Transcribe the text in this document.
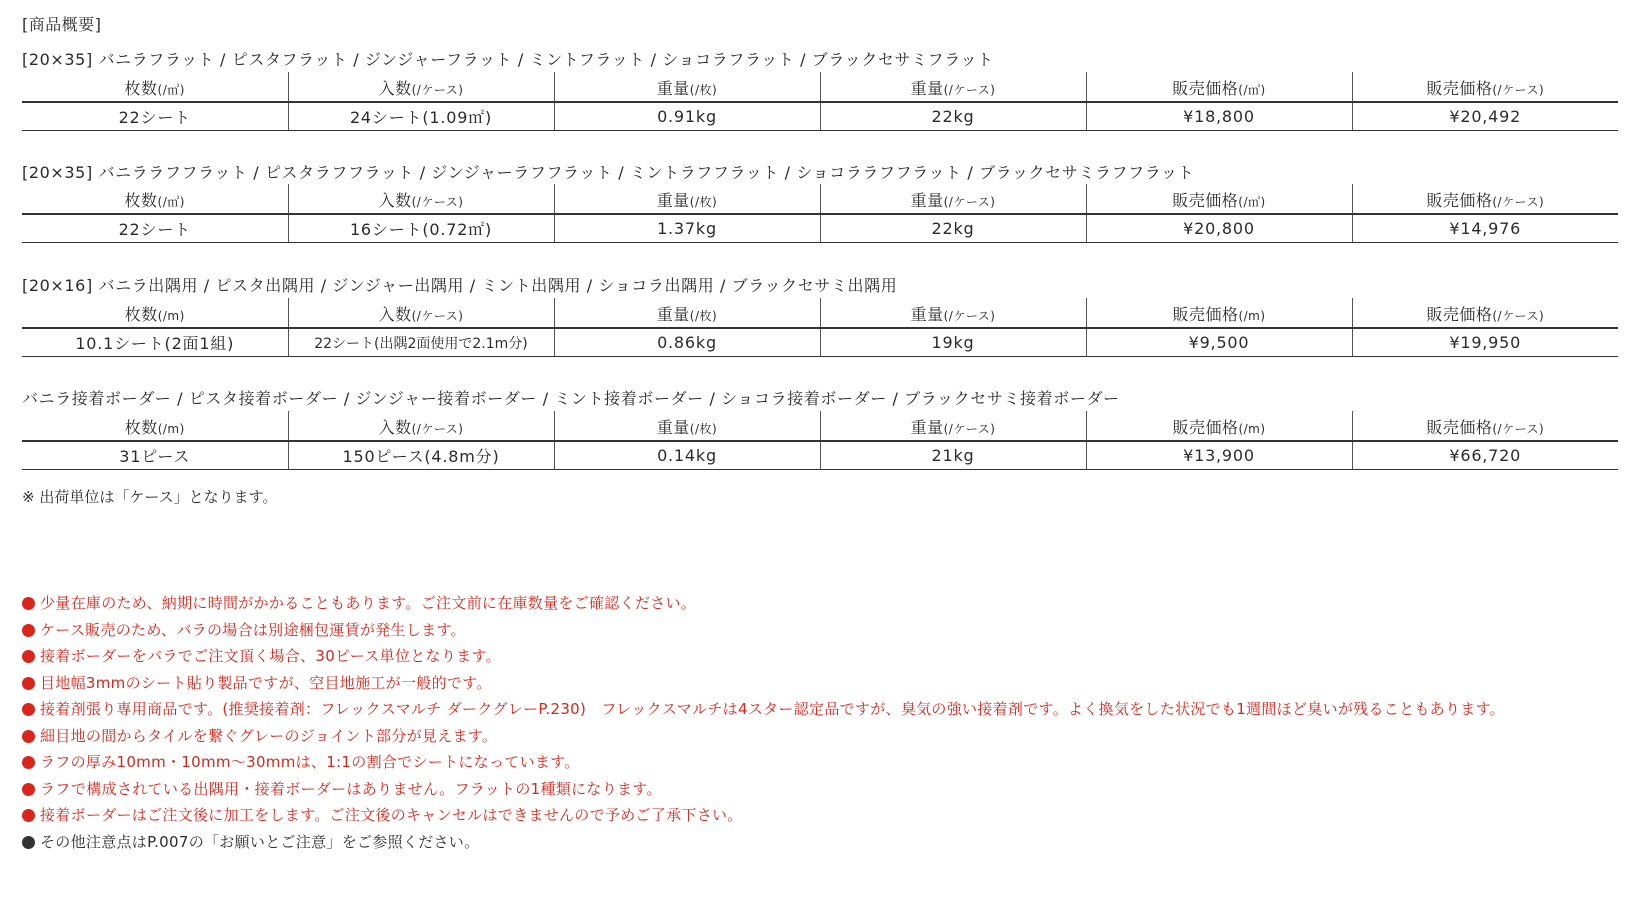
[商品概要]
[20×35] バニラフラット / ピスタフラット / ジンジャーフラット / ミントフラット / ショコラフラット / ブラックセサミフラット
枚数(/㎡)	入数(/ケース)	重量(/枚)	重量(/ケース)	販売価格(/㎡)	販売価格(/ケース)
22シート	24シート(1.09㎡)	0.91kg	22kg	¥18,800	¥20,492
[20×35] バニララフフラット / ピスタラフフラット / ジンジャーラフフラット / ミントラフフラット / ショコララフフラット / ブラックセサミラフフラット
枚数(/㎡)	入数(/ケース)	重量(/枚)	重量(/ケース)	販売価格(/㎡)	販売価格(/ケース)
22シート	16シート(0.72㎡)	1.37kg	22kg	¥20,800	¥14,976
[20×16] バニラ出隅用 / ピスタ出隅用 / ジンジャー出隅用 / ミント出隅用 / ショコラ出隅用 / ブラックセサミ出隅用
枚数(/m)	入数(/ケース)	重量(/枚)	重量(/ケース)	販売価格(/m)	販売価格(/ケース)
10.1シート(2面1組)	22シート(出隅2面使用で2.1m分)	0.86kg	19kg	¥9,500	¥19,950
バニラ接着ボーダー / ピスタ接着ボーダー / ジンジャー接着ボーダー / ミント接着ボーダー / ショコラ接着ボーダー / ブラックセサミ接着ボーダー
枚数(/m)	入数(/ケース)	重量(/枚)	重量(/ケース)	販売価格(/m)	販売価格(/ケース)
31ピース	150ピース(4.8m分)	0.14kg	21kg	¥13,900	¥66,720
※ 出荷単位は「ケース」となります。
少量在庫のため、納期に時間がかかることもあります。ご注文前に在庫数量をご確認ください。
ケース販売のため、バラの場合は別途梱包運賃が発生します。
接着ボーダーをバラでご注文頂く場合、30ピース単位となります。
目地幅3mmのシート貼り製品ですが、空目地施工が一般的です。
接着剤張り専用商品です。(推奨接着剤：フレックスマルチ ダークグレーP.230)　フレックスマルチは4スター認定品ですが、臭気の強い接着剤です。よく換気をした状況でも1週間ほど臭いが残ることもあります。
細目地の間からタイルを繋ぐグレーのジョイント部分が見えます。
ラフの厚み10mm・10mm～30mmは、1:1の割合でシートになっています。
ラフで構成されている出隅用・接着ボーダーはありません。フラットの1種類になります。
接着ボーダーはご注文後に加工をします。ご注文後のキャンセルはできませんので予めご了承下さい。
その他注意点はP.007の「お願いとご注意」をご参照ください。
